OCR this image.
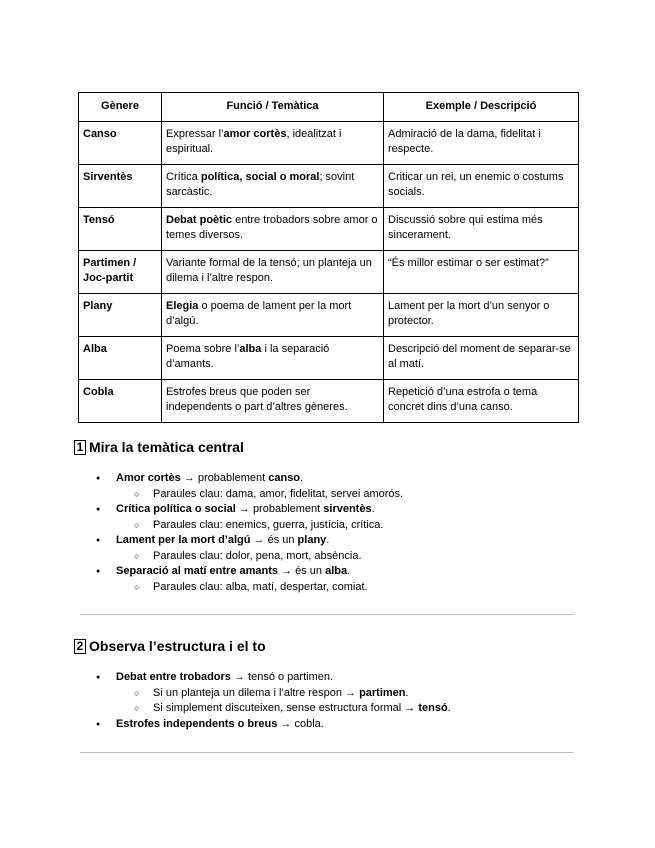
Gènere	Funció / Temàtica	Exemple / Descripció
Canso	Expressar l’amor cortès, idealitzat i espiritual.	Admiració de la dama, fidelitat i respecte.
Sirventès	Crítica política, social o moral; sovint sarcàstic.	Criticar un rei, un enemic o costums socials.
Tensó	Debat poètic entre trobadors sobre amor o temes diversos.	Discussió sobre qui estima més sincerament.
Partimen / Joc-partit	Variante formal de la tensó; un planteja un dilema i l’altre respon.	“És millor estimar o ser estimat?”
Plany	Elegia o poema de lament per la mort d’algú.	Lament per la mort d’un senyor o protector.
Alba	Poema sobre l’alba i la separació d’amants.	Descripció del moment de separar-se al matí.
Cobla	Estrofes breus que poden ser independents o part d’altres gèneres.	Repetició d’una estrofa o tema concret dins d’una canso.
1 Mira la temàtica central
● Amor cortès → probablement canso.
○ Paraules clau: dama, amor, fidelitat, servei amorós.
● Crítica política o social → probablement sirventès.
○ Paraules clau: enemics, guerra, justícia, crítica.
● Lament per la mort d’algú → és un plany.
○ Paraules clau: dolor, pena, mort, absència.
● Separació al matí entre amants → és un alba.
○ Paraules clau: alba, matí, despertar, comiat.
2 Observa l’estructura i el to
● Debat entre trobadors → tensó o partimen.
○ Si un planteja un dilema i l’altre respon → partimen.
○ Si simplement discuteixen, sense estructura formal → tensó.
● Estrofes independents o breus → cobla.
